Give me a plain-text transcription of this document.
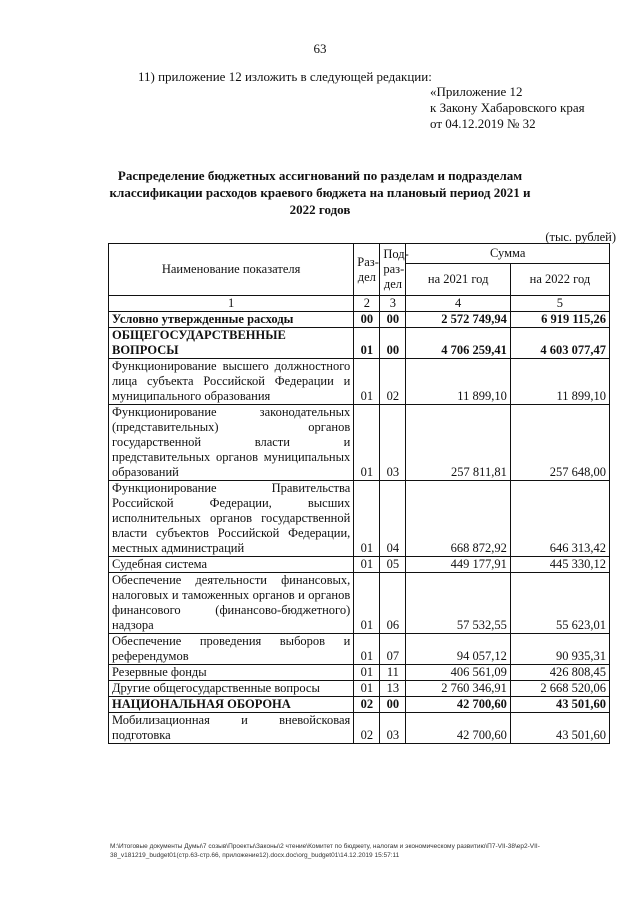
63
11) приложение 12 изложить в следующей редакции:
«Приложение 12
к Закону Хабаровского края
от 04.12.2019 № 32
Распределение бюджетных ассигнований по разделам и подразделам классификации расходов краевого бюджета на плановый период 2021 и 2022 годов
(тыс. рублей)
Наименование показателя	Раз-дел	Под-раз-дел	Сумма	
			на 2021 год	на 2022 год
1	2	3	4	5
Условно утвержденные расходы	00	00	2 572 749,94	6 919 115,26
ОБЩЕГОСУДАРСТВЕННЫЕ ВОПРОСЫ	01	00	4 706 259,41	4 603 077,47
Функционирование высшего должностного лица субъекта Российской Федерации и муниципального образования	01	02	11 899,10	11 899,10
Функционирование законодательных (представительных) органов государственной власти и представительных органов муниципальных образований	01	03	257 811,81	257 648,00
Функционирование Правительства Российской Федерации, высших исполнительных органов государственной власти субъектов Российской Федерации, местных администраций	01	04	668 872,92	646 313,42
Судебная система	01	05	449 177,91	445 330,12
Обеспечение деятельности финансовых, налоговых и таможенных органов и органов финансового (финансово-бюджетного) надзора	01	06	57 532,55	55 623,01
Обеспечение проведения выборов и референдумов	01	07	94 057,12	90 935,31
Резервные фонды	01	11	406 561,09	426 808,45
Другие общегосударственные вопросы	01	13	2 760 346,91	2 668 520,06
НАЦИОНАЛЬНАЯ ОБОРОНА	02	00	42 700,60	43 501,60
Мобилизационная и вневойсковая подготовка	02	03	42 700,60	43 501,60
M:\Итоговые документы Думы\7 созыв\Проекты\Законы\2 чтение\Комитет по бюджету, налогам и экономическому развитию\П7-VII-38\ep2-VII-38_v181219_budget01(стр.63-стр.66, приложение12).docx.doc\org_budget01\14.12.2019 15:57:11
